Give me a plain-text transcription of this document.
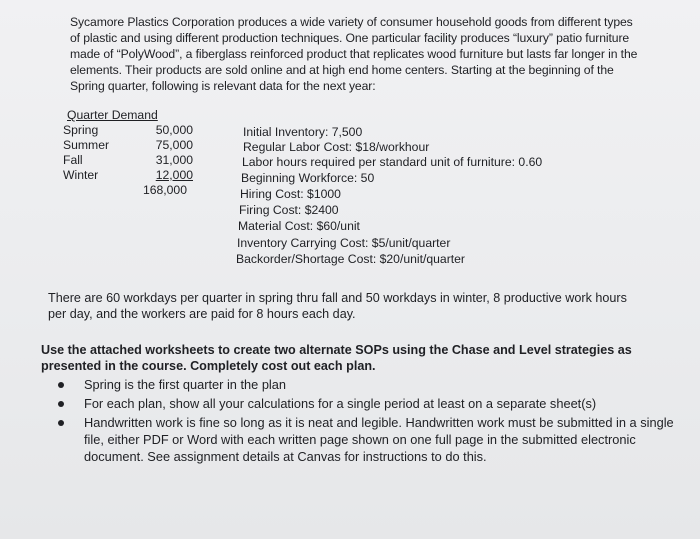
Sycamore Plastics Corporation produces a wide variety of consumer household goods from different types of plastic and using different production techniques. One particular facility produces “luxury” patio furniture made of “PolyWood”, a fiberglass reinforced product that replicates wood furniture but lasts far longer in the elements. Their products are sold online and at high end home centers. Starting at the beginning of the Spring quarter, following is relevant data for the next year:
Quarter Demand
Spring	50,000
Summer	75,000
Fall	31,000
Winter	12,000
168,000
Initial Inventory: 7,500
Regular Labor Cost: $18/workhour
Labor hours required per standard unit of furniture: 0.60
Beginning Workforce: 50
Hiring Cost: $1000
Firing Cost: $2400
Material Cost: $60/unit
Inventory Carrying Cost: $5/unit/quarter
Backorder/Shortage Cost: $20/unit/quarter
There are 60 workdays per quarter in spring thru fall and 50 workdays in winter, 8 productive work hours per day, and the workers are paid for 8 hours each day.
Use the attached worksheets to create two alternate SOPs using the Chase and Level strategies as presented in the course. Completely cost out each plan.
Spring is the first quarter in the plan
For each plan, show all your calculations for a single period at least on a separate sheet(s)
Handwritten work is fine so long as it is neat and legible. Handwritten work must be submitted in a single file, either PDF or Word with each written page shown on one full page in the submitted electronic document. See assignment details at Canvas for instructions to do this.
